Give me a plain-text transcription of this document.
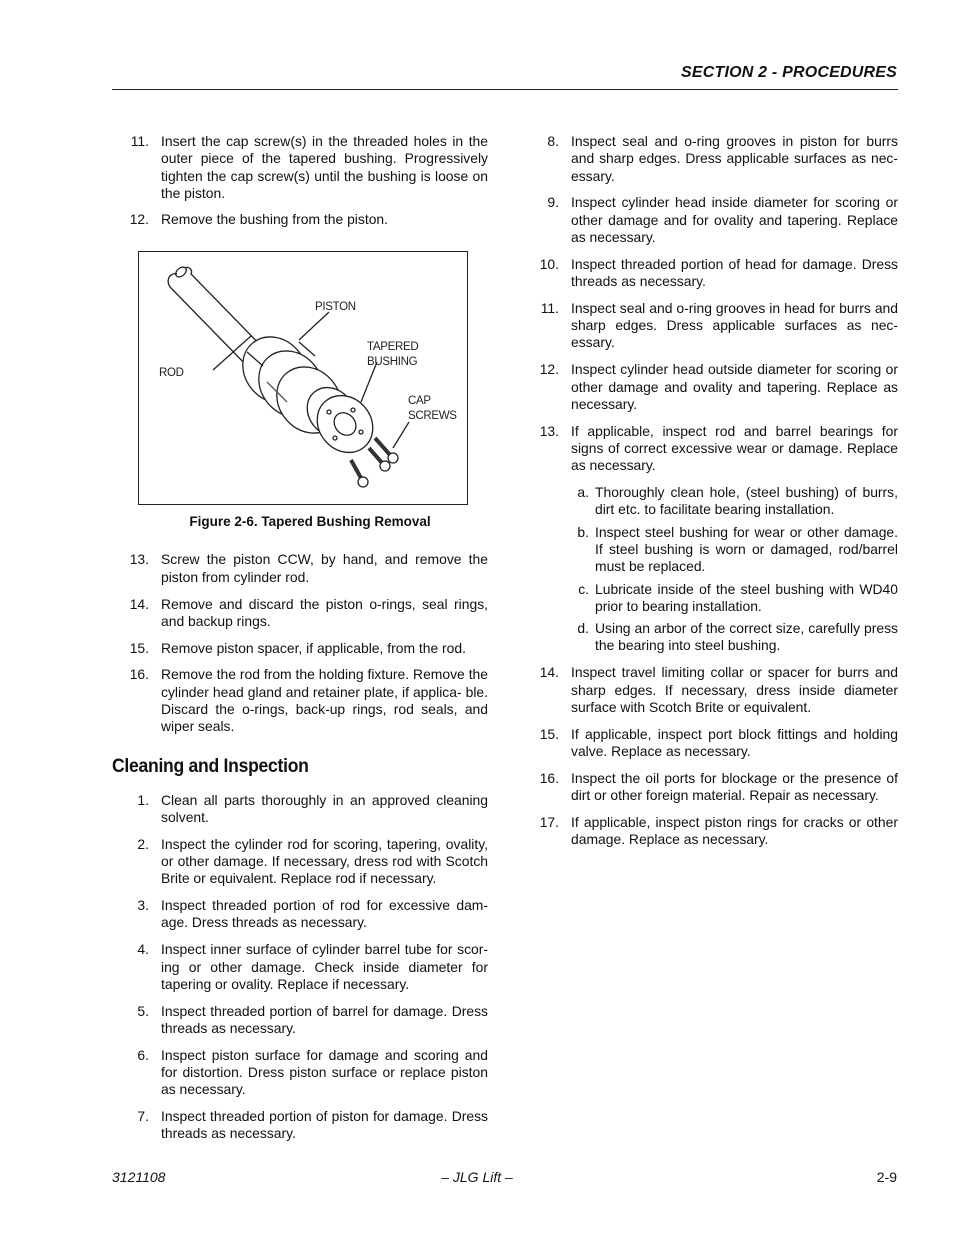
SECTION 2 - PROCEDURES
11. Insert the cap screw(s) in the threaded holes in the outer piece of the tapered bushing. Progressively tighten the cap screw(s) until the bushing is loose on the piston.
12. Remove the bushing from the piston.
PISTON
ROD
TAPERED
BUSHING
CAP
SCREWS
Figure 2-6. Tapered Bushing Removal
13. Screw the piston CCW, by hand, and remove the piston from cylinder rod.
14. Remove and discard the piston o-rings, seal rings, and backup rings.
15. Remove piston spacer, if applicable, from the rod.
16. Remove the rod from the holding fixture. Remove the cylinder head gland and retainer plate, if applica- ble. Discard the o-rings, back-up rings, rod seals, and wiper seals.
Cleaning and Inspection
1. Clean all parts thoroughly in an approved cleaning solvent.
2. Inspect the cylinder rod for scoring, tapering, ovality, or other damage. If necessary, dress rod with Scotch Brite or equivalent. Replace rod if necessary.
3. Inspect threaded portion of rod for excessive dam- age. Dress threads as necessary.
4. Inspect inner surface of cylinder barrel tube for scor- ing or other damage. Check inside diameter for tapering or ovality. Replace if necessary.
5. Inspect threaded portion of barrel for damage. Dress threads as necessary.
6. Inspect piston surface for damage and scoring and for distortion. Dress piston surface or replace piston as necessary.
7. Inspect threaded portion of piston for damage. Dress threads as necessary.
8. Inspect seal and o-ring grooves in piston for burrs and sharp edges. Dress applicable surfaces as nec- essary.
9. Inspect cylinder head inside diameter for scoring or other damage and for ovality and tapering. Replace as necessary.
10. Inspect threaded portion of head for damage. Dress threads as necessary.
11. Inspect seal and o-ring grooves in head for burrs and sharp edges. Dress applicable surfaces as nec- essary.
12. Inspect cylinder head outside diameter for scoring or other damage and ovality and tapering. Replace as necessary.
13. If applicable, inspect rod and barrel bearings for signs of correct excessive wear or damage. Replace as necessary.
a. Thoroughly clean hole, (steel bushing) of burrs, dirt etc. to facilitate bearing installation.
b. Inspect steel bushing for wear or other damage. If steel bushing is worn or damaged, rod/barrel must be replaced.
c. Lubricate inside of the steel bushing with WD40 prior to bearing installation.
d. Using an arbor of the correct size, carefully press the bearing into steel bushing.
14. Inspect travel limiting collar or spacer for burrs and sharp edges. If necessary, dress inside diameter surface with Scotch Brite or equivalent.
15. If applicable, inspect port block fittings and holding valve. Replace as necessary.
16. Inspect the oil ports for blockage or the presence of dirt or other foreign material. Repair as necessary.
17. If applicable, inspect piston rings for cracks or other damage. Replace as necessary.
3121108	– JLG Lift –	2-9
